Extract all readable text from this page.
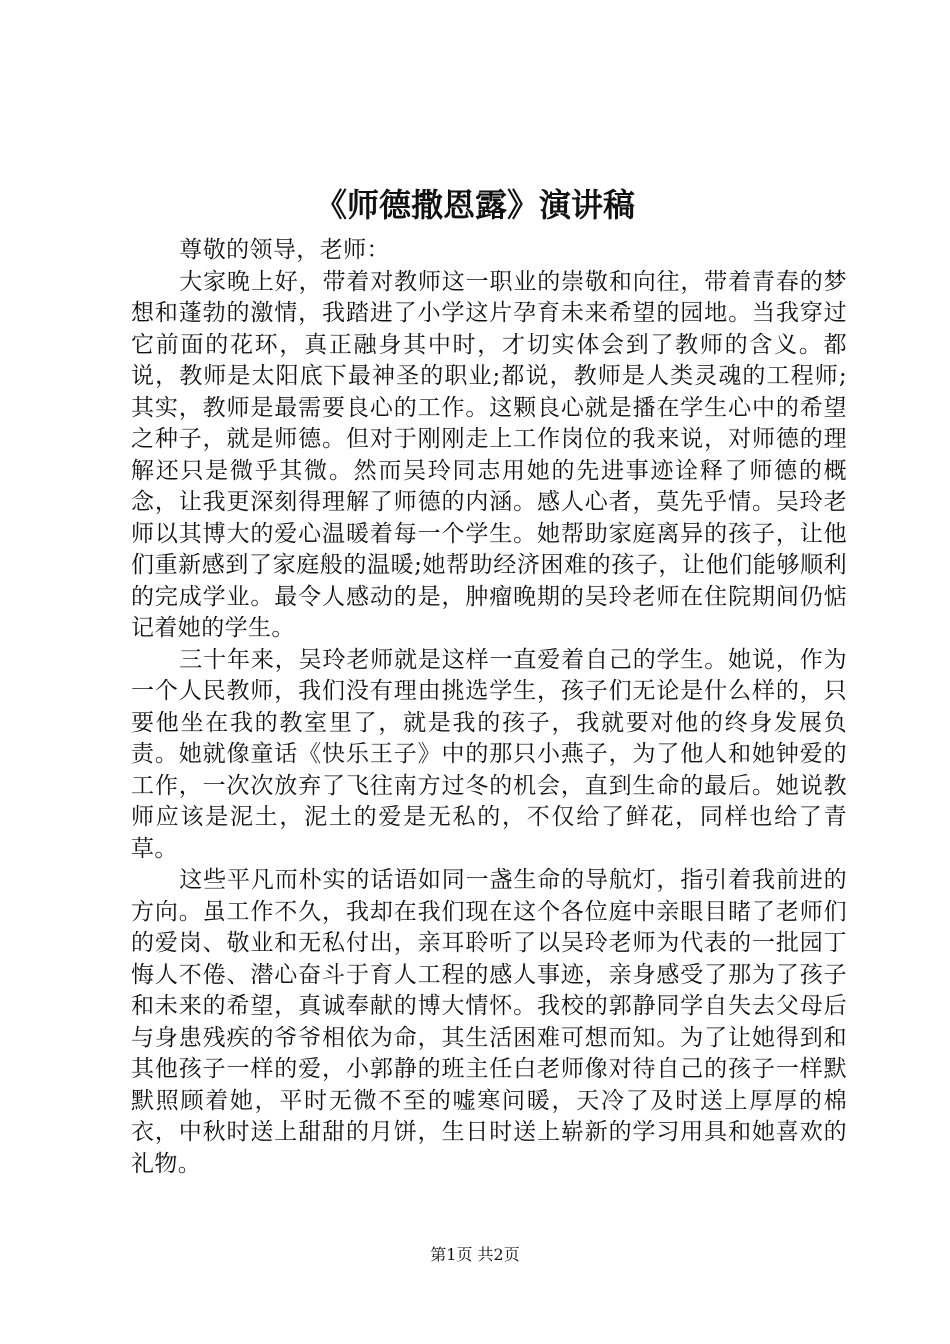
《师德撒恩露》演讲稿

尊敬的领导，老师：

大家晚上好，带着对教师这一职业的崇敬和向往，带着青春的梦想和蓬勃的激情，我踏进了小学这片孕育未来希望的园地。当我穿过它前面的花环，真正融身其中时，才切实体会到了教师的含义。都说，教师是太阳底下最神圣的职业;都说，教师是人类灵魂的工程师;其实，教师是最需要良心的工作。这颗良心就是播在学生心中的希望之种子，就是师德。但对于刚刚走上工作岗位的我来说，对师德的理解还只是微乎其微。然而吴玲同志用她的先进事迹诠释了师德的概念，让我更深刻得理解了师德的内涵。感人心者，莫先乎情。吴玲老师以其博大的爱心温暖着每一个学生。她帮助家庭离异的孩子，让他们重新感到了家庭般的温暖;她帮助经济困难的孩子，让他们能够顺利的完成学业。最令人感动的是，肿瘤晚期的吴玲老师在住院期间仍惦记着她的学生。

三十年来，吴玲老师就是这样一直爱着自己的学生。她说，作为一个人民教师，我们没有理由挑选学生，孩子们无论是什么样的，只要他坐在我的教室里了，就是我的孩子，我就要对他的终身发展负责。她就像童话《快乐王子》中的那只小燕子，为了他人和她钟爱的工作，一次次放弃了飞往南方过冬的机会，直到生命的最后。她说教师应该是泥土，泥土的爱是无私的，不仅给了鲜花，同样也给了青草。

这些平凡而朴实的话语如同一盏生命的导航灯，指引着我前进的方向。虽工作不久，我却在我们现在这个各位庭中亲眼目睹了老师们的爱岗、敬业和无私付出，亲耳聆听了以吴玲老师为代表的一批园丁悔人不倦、潜心奋斗于育人工程的感人事迹，亲身感受了那为了孩子和未来的希望，真诚奉献的博大情怀。我校的郭静同学自失去父母后与身患残疾的爷爷相依为命，其生活困难可想而知。为了让她得到和其他孩子一样的爱，小郭静的班主任白老师像对待自己的孩子一样默默照顾着她，平时无微不至的嘘寒问暖，天冷了及时送上厚厚的棉衣，中秋时送上甜甜的月饼，生日时送上崭新的学习用具和她喜欢的礼物。

第1页 共2页
